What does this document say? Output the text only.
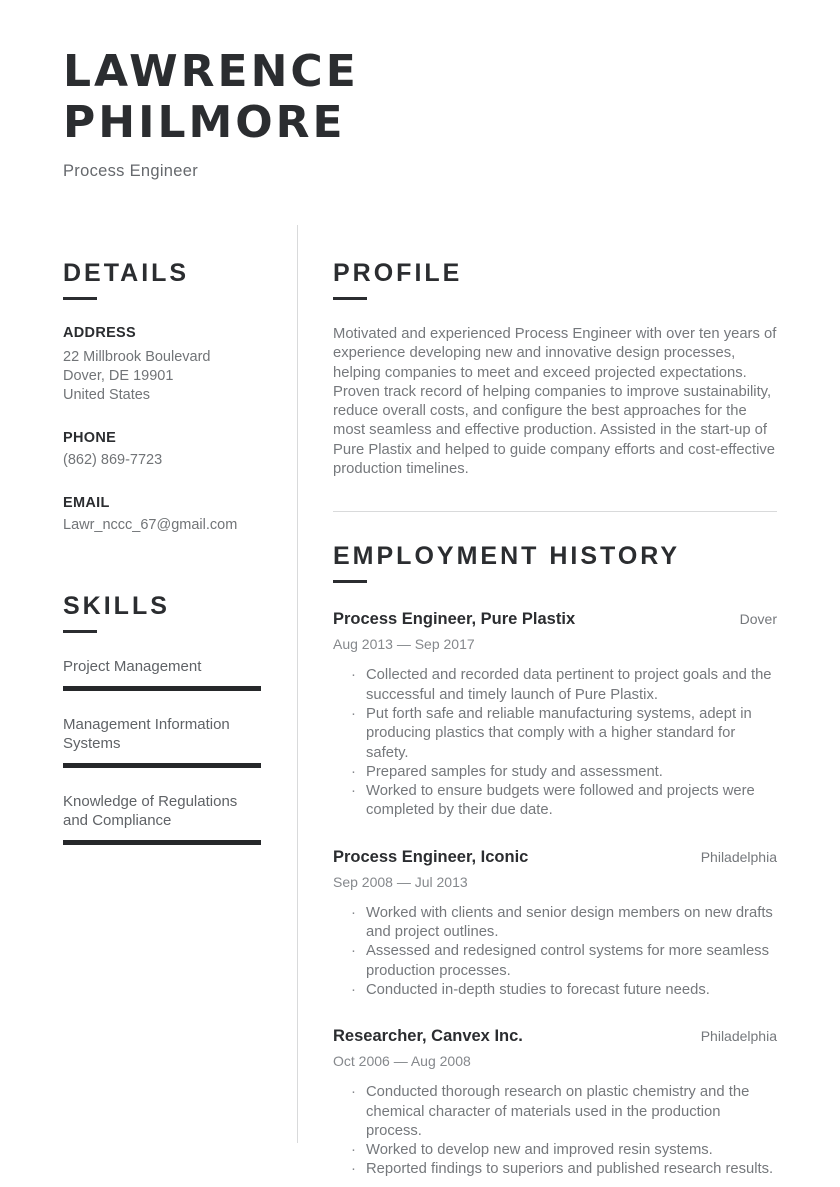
LAWRENCE PHILMORE
Process Engineer
DETAILS
ADDRESS
22 Millbrook Boulevard
Dover, DE 19901
United States
PHONE
(862) 869-7723
EMAIL
Lawr_nccc_67@gmail.com
SKILLS
Project Management
Management Information Systems
Knowledge of Regulations and Compliance
PROFILE

Motivated and experienced Process Engineer with over ten years of experience developing new and innovative design processes, helping companies to meet and exceed projected expectations. Proven track record of helping companies to improve sustainability, reduce overall costs, and configure the best approaches for the most seamless and effective production. Assisted in the start-up of Pure Plastix and helped to guide company efforts and cost-effective production timelines.

EMPLOYMENT HISTORY
Process Engineer, Pure Plastix	Dover
Aug 2013 — Sep 2017
· Collected and recorded data pertinent to project goals and the successful and timely launch of Pure Plastix.
· Put forth safe and reliable manufacturing systems, adept in producing plastics that comply with a higher standard for safety.
· Prepared samples for study and assessment.
· Worked to ensure budgets were followed and projects were completed by their due date.
Process Engineer, Iconic	Philadelphia
Sep 2008 — Jul 2013
· Worked with clients and senior design members on new drafts and project outlines.
· Assessed and redesigned control systems for more seamless production processes.
· Conducted in-depth studies to forecast future needs.
Researcher, Canvex Inc.	Philadelphia
Oct 2006 — Aug 2008
· Conducted thorough research on plastic chemistry and the chemical character of materials used in the production process.
· Worked to develop new and improved resin systems.
· Reported findings to superiors and published research results.
